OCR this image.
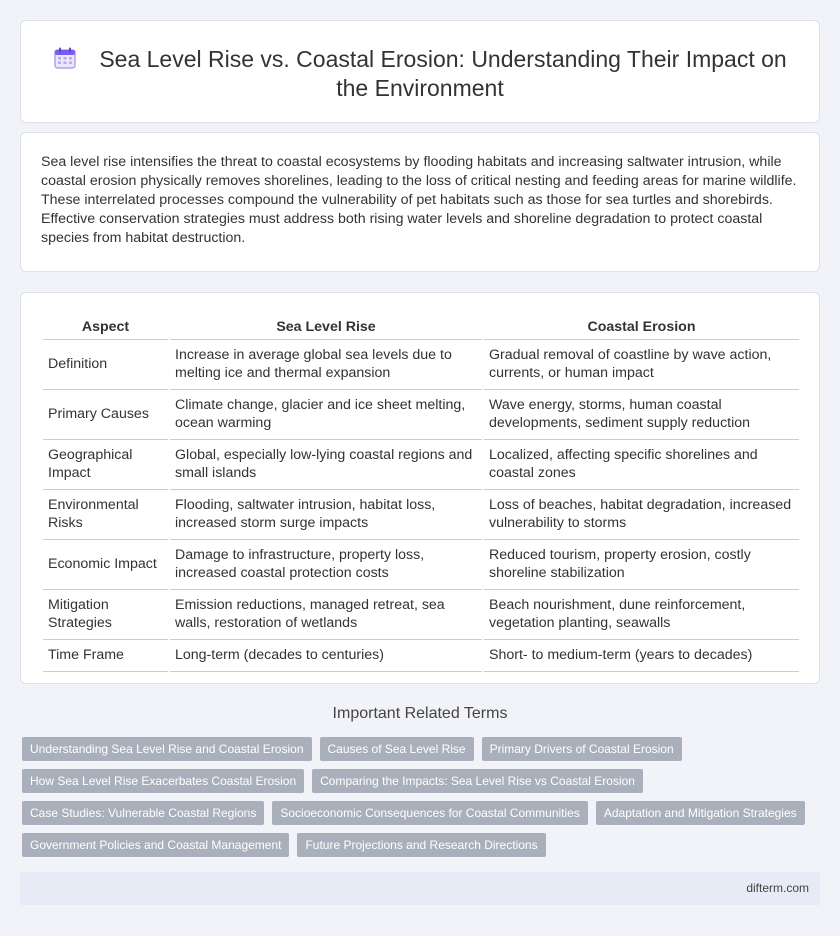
Sea Level Rise vs. Coastal Erosion: Understanding Their Impact on the Environment

Sea level rise intensifies the threat to coastal ecosystems by flooding habitats and increasing saltwater intrusion, while coastal erosion physically removes shorelines, leading to the loss of critical nesting and feeding areas for marine wildlife. These interrelated processes compound the vulnerability of pet habitats such as those for sea turtles and shorebirds. Effective conservation strategies must address both rising water levels and shoreline degradation to protect coastal species from habitat destruction.

Aspect	Sea Level Rise	Coastal Erosion
Definition	Increase in average global sea levels due to melting ice and thermal expansion	Gradual removal of coastline by wave action, currents, or human impact
Primary Causes	Climate change, glacier and ice sheet melting, ocean warming	Wave energy, storms, human coastal developments, sediment supply reduction
Geographical Impact	Global, especially low-lying coastal regions and small islands	Localized, affecting specific shorelines and coastal zones
Environmental Risks	Flooding, saltwater intrusion, habitat loss, increased storm surge impacts	Loss of beaches, habitat degradation, increased vulnerability to storms
Economic Impact	Damage to infrastructure, property loss, increased coastal protection costs	Reduced tourism, property erosion, costly shoreline stabilization
Mitigation Strategies	Emission reductions, managed retreat, sea walls, restoration of wetlands	Beach nourishment, dune reinforcement, vegetation planting, seawalls
Time Frame	Long-term (decades to centuries)	Short- to medium-term (years to decades)
Important Related Terms
Understanding Sea Level Rise and Coastal Erosion	Causes of Sea Level Rise	Primary Drivers of Coastal Erosion
How Sea Level Rise Exacerbates Coastal Erosion	Comparing the Impacts: Sea Level Rise vs Coastal Erosion
Case Studies: Vulnerable Coastal Regions	Socioeconomic Consequences for Coastal Communities	Adaptation and Mitigation Strategies
Government Policies and Coastal Management	Future Projections and Research Directions
difterm.com
